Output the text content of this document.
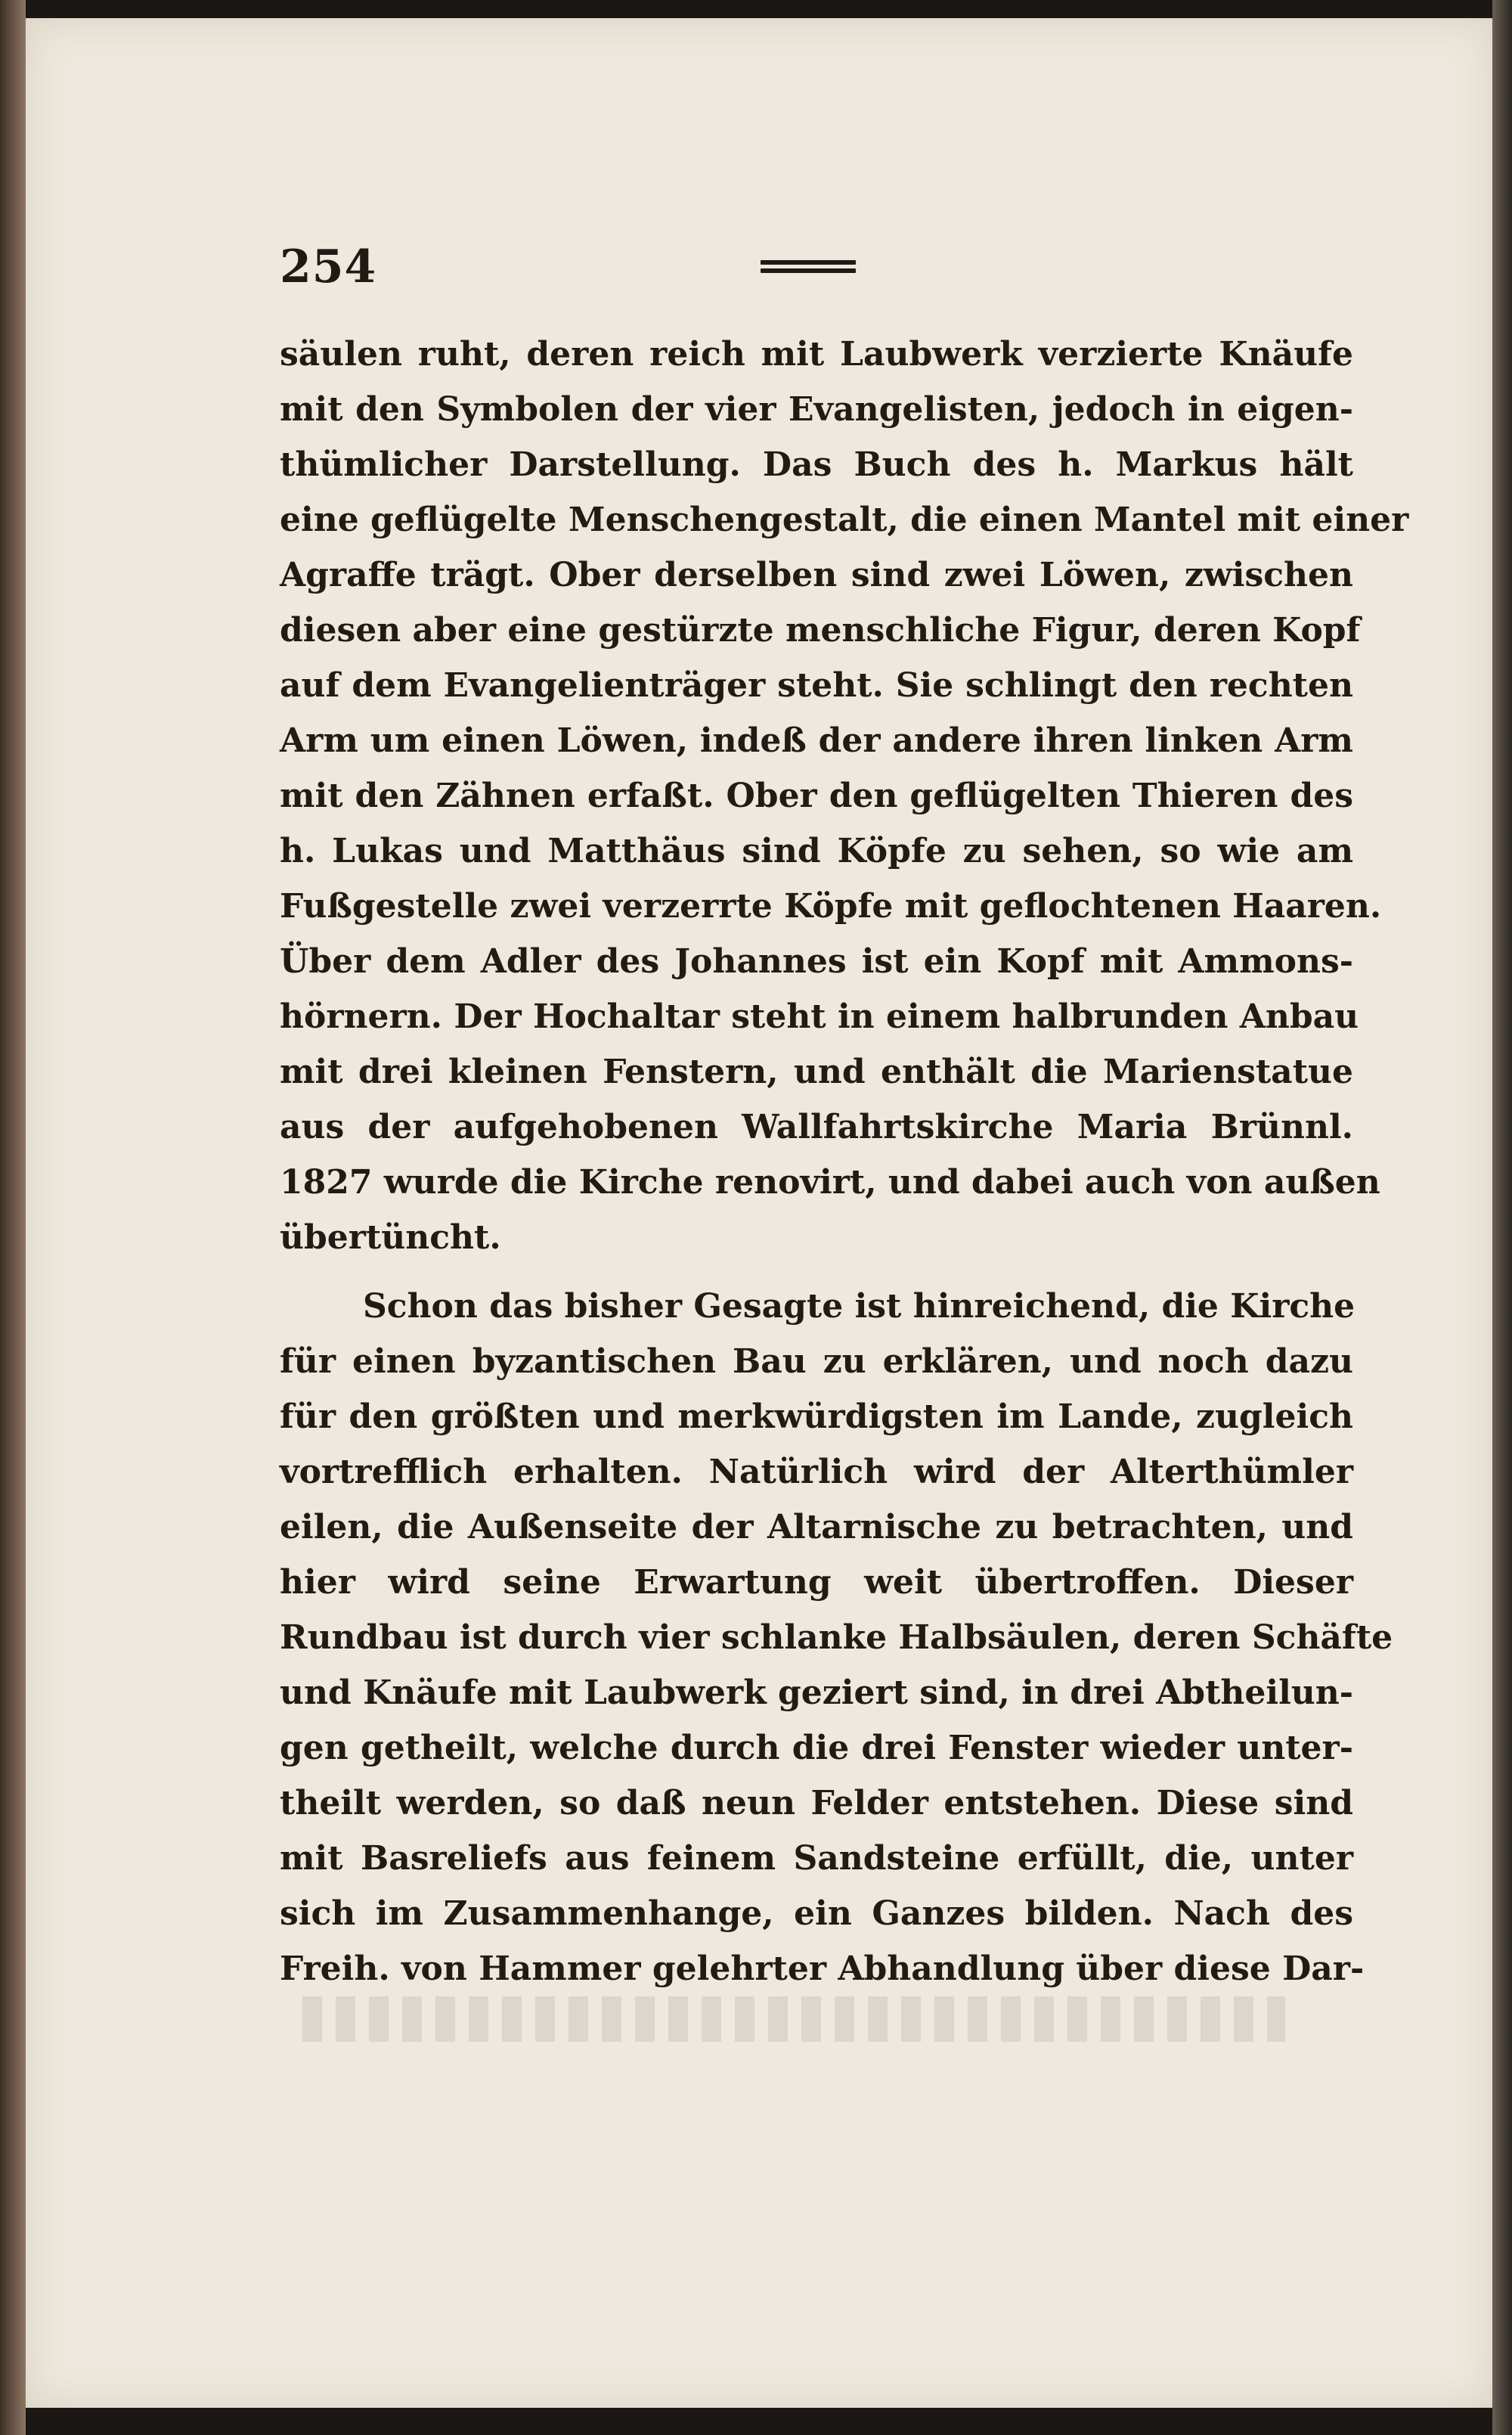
254
säulen ruht, deren reich mit Laubwerk verzierte Knäufe
mit den Symbolen der vier Evangelisten, jedoch in eigen-
thümlicher Darstellung. Das Buch des h. Markus hält
eine geflügelte Menschengestalt, die einen Mantel mit einer
Agraffe trägt. Ober derselben sind zwei Löwen, zwischen
diesen aber eine gestürzte menschliche Figur, deren Kopf
auf dem Evangelienträger steht. Sie schlingt den rechten
Arm um einen Löwen, indeß der andere ihren linken Arm
mit den Zähnen erfaßt. Ober den geflügelten Thieren des
h. Lukas und Matthäus sind Köpfe zu sehen, so wie am
Fußgestelle zwei verzerrte Köpfe mit geflochtenen Haaren.
Über dem Adler des Johannes ist ein Kopf mit Ammons-
hörnern. Der Hochaltar steht in einem halbrunden Anbau
mit drei kleinen Fenstern, und enthält die Marienstatue
aus der aufgehobenen Wallfahrtskirche Maria Brünnl.
1827 wurde die Kirche renovirt, und dabei auch von außen
übertüncht.
Schon das bisher Gesagte ist hinreichend, die Kirche
für einen byzantischen Bau zu erklären, und noch dazu
für den größten und merkwürdigsten im Lande, zugleich
vortrefflich erhalten. Natürlich wird der Alterthümler
eilen, die Außenseite der Altarnische zu betrachten, und
hier wird seine Erwartung weit übertroffen. Dieser
Rundbau ist durch vier schlanke Halbsäulen, deren Schäfte
und Knäufe mit Laubwerk geziert sind, in drei Abtheilun-
gen getheilt, welche durch die drei Fenster wieder unter-
theilt werden, so daß neun Felder entstehen. Diese sind
mit Basreliefs aus feinem Sandsteine erfüllt, die, unter
sich im Zusammenhange, ein Ganzes bilden. Nach des
Freih. von Hammer gelehrter Abhandlung über diese Dar-
